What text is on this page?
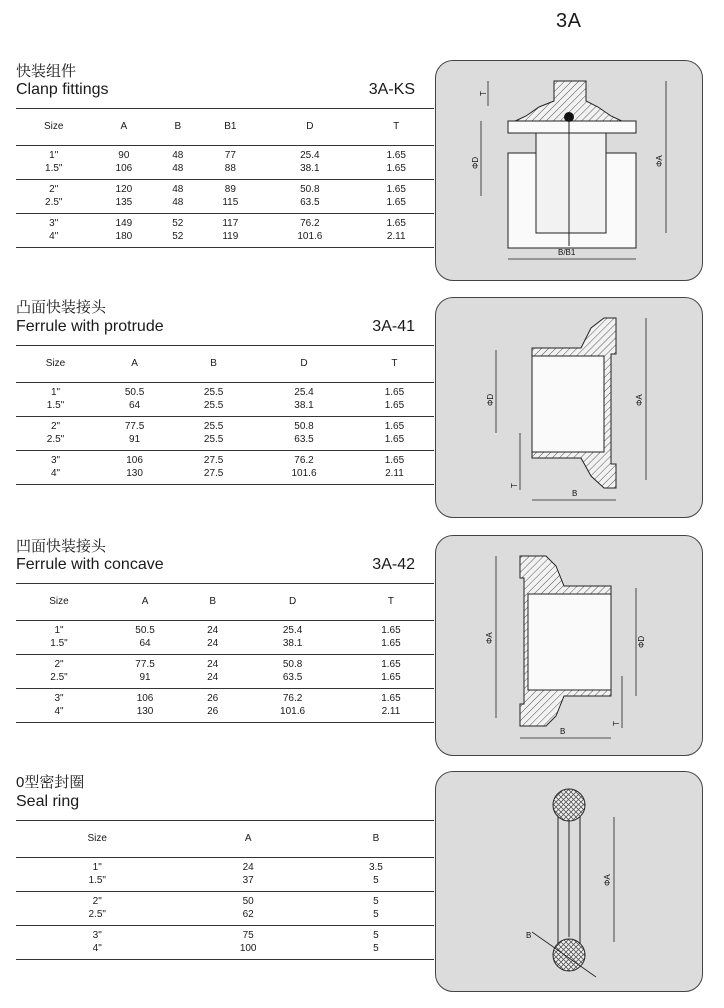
3A
快装组件
Clanp fittings	3A-KS
Size	A	B	B1	D	T
1"	90	48	77	25.4	1.65
1.5"	106	48	88	38.1	1.65
2"	120	48	89	50.8	1.65
2.5"	135	48	115	63.5	1.65
3"	149	52	117	76.2	1.65
4"	180	52	119	101.6	2.11
T
ΦD	ΦA
B/B1
凸面快装接头
Ferrule with protrude	3A-41
Size	A	B	D	T
1"	50.5	25.5	25.4	1.65
1.5"	64	25.5	38.1	1.65
2"	77.5	25.5	50.8	1.65
2.5"	91	25.5	63.5	1.65
3"	106	27.5	76.2	1.65
4"	130	27.5	101.6	2.11
ΦD	ΦA
T
B
凹面快装接头
Ferrule with concave	3A-42
Size	A	B	D	T
1"	50.5	24	25.4	1.65
1.5"	64	24	38.1	1.65
2"	77.5	24	50.8	1.65
2.5"	91	24	63.5	1.65
3"	106	26	76.2	1.65
4"	130	26	101.6	2.11
ΦA	ΦD
T
B
0型密封圈
Seal ring
Size	A	B
1"	24	3.5
1.5"	37	5
2"	50	5
2.5"	62	5
3"	75	5
4"	100	5
ΦA
B
